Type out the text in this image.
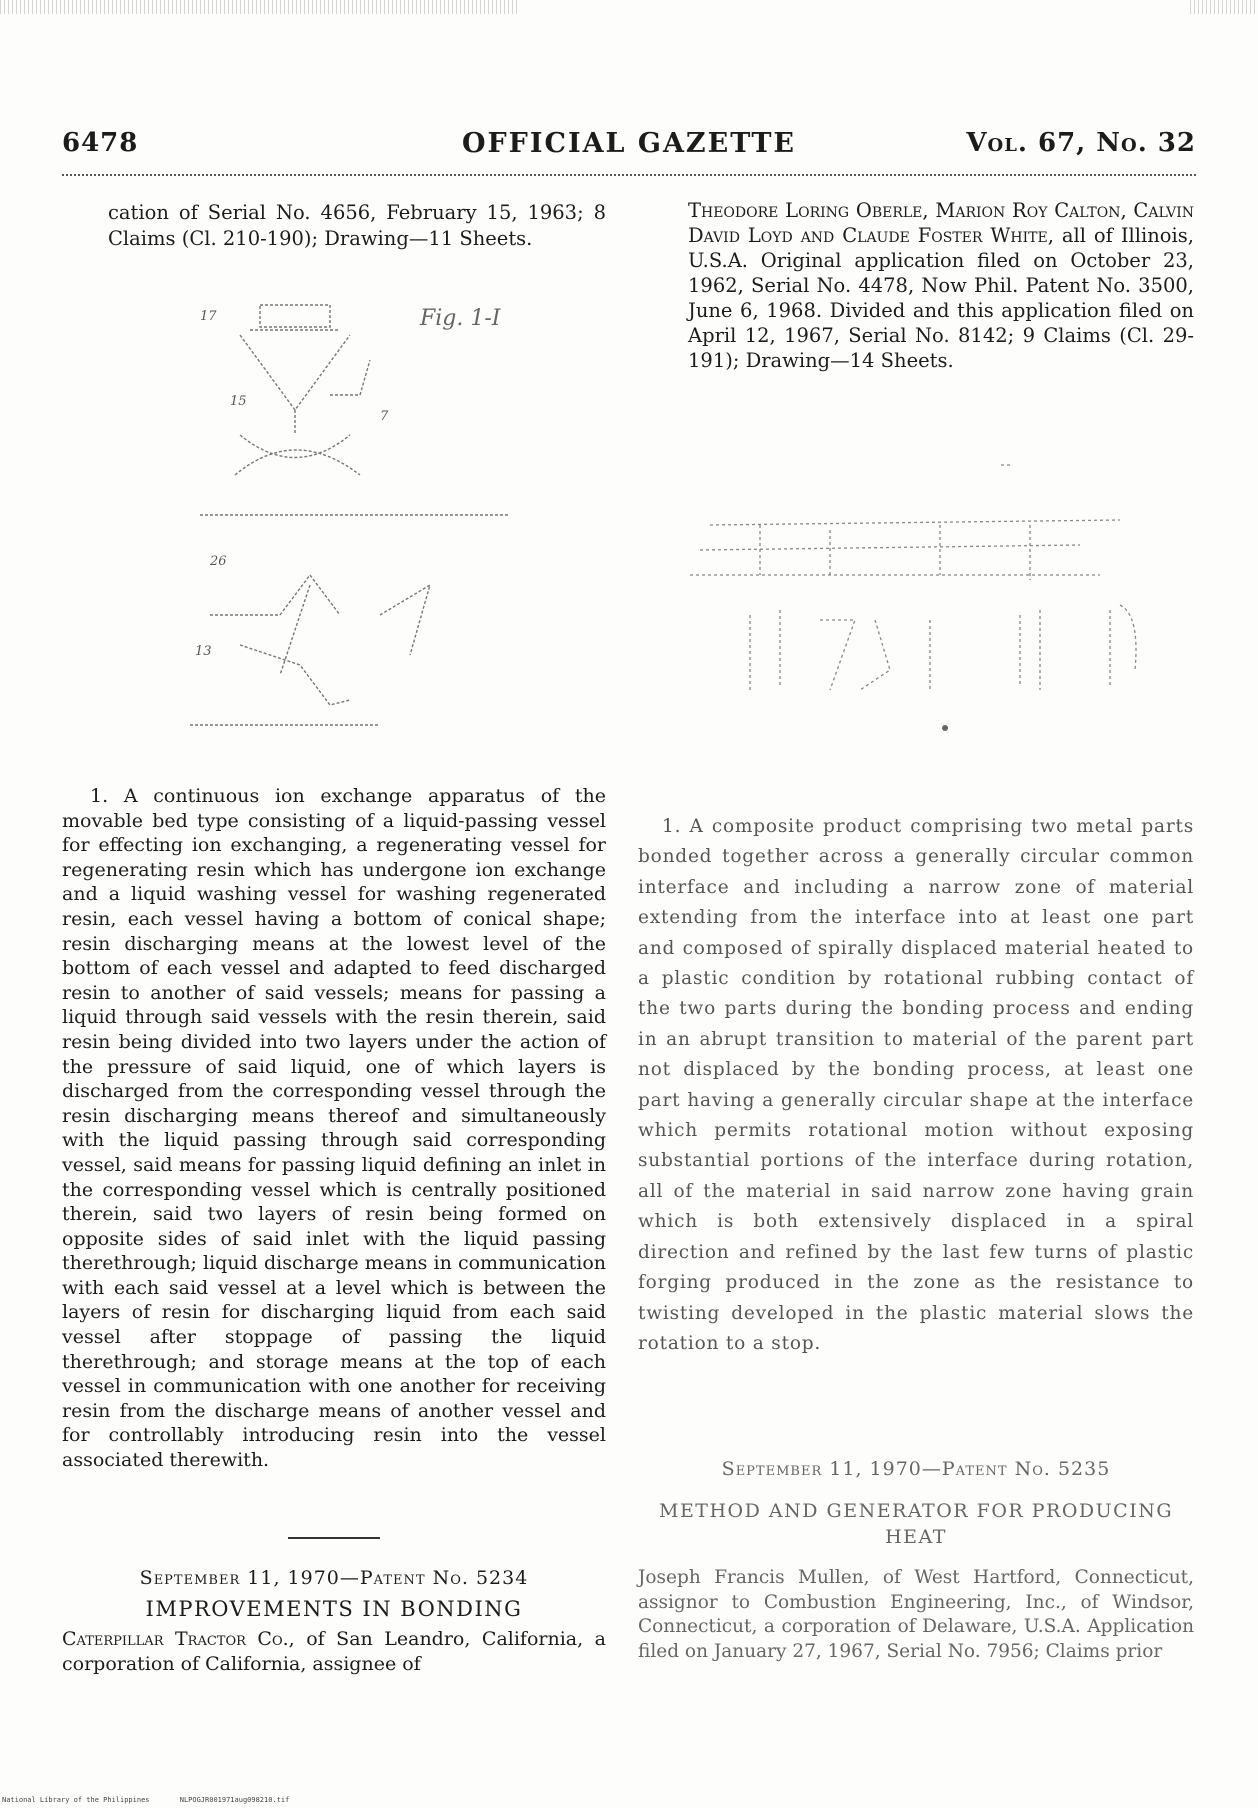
6478	OFFICIAL GAZETTE	Vol. 67, No. 32

cation of Serial No. 4656, February 15, 1963; 8 Claims (Cl. 210-190); Drawing—11 Sheets.

17
15
7
26
13
Fig. 1-I

1. A continuous ion exchange apparatus of the movable bed type consisting of a liquid-passing vessel for effecting ion exchanging, a regenerating vessel for regenerating resin which has undergone ion exchange and a liquid washing vessel for washing regenerated resin, each vessel having a bottom of conical shape; resin discharging means at the lowest level of the bottom of each vessel and adapted to feed discharged resin to another of said vessels; means for passing a liquid through said vessels with the resin therein, said resin being divided into two layers under the action of the pressure of said liquid, one of which layers is discharged from the corresponding vessel through the resin discharging means thereof and simultaneously with the liquid passing through said corresponding vessel, said means for passing liquid defining an inlet in the corresponding vessel which is centrally positioned therein, said two layers of resin being formed on opposite sides of said inlet with the liquid passing therethrough; liquid discharge means in communication with each said vessel at a level which is between the layers of resin for discharging liquid from each said vessel after stoppage of passing the liquid therethrough; and storage means at the top of each vessel in communication with one another for receiving resin from the discharge means of another vessel and for controllably introducing resin into the vessel associated therewith.

September 11, 1970—Patent No. 5234
IMPROVEMENTS IN BONDING

Caterpillar Tractor Co., of San Leandro, California, a corporation of California, assignee of

Theodore Loring Oberle, Marion Roy Calton, Calvin David Loyd and Claude Foster White, all of Illinois, U.S.A. Original application filed on October 23, 1962, Serial No. 4478, Now Phil. Patent No. 3500, June 6, 1968. Divided and this application filed on April 12, 1967, Serial No. 8142; 9 Claims (Cl. 29-191); Drawing—14 Sheets.

1. A composite product comprising two metal parts bonded together across a generally circular common interface and including a narrow zone of material extending from the interface into at least one part and composed of spirally displaced material heated to a plastic condition by rotational rubbing contact of the two parts during the bonding process and ending in an abrupt transition to material of the parent part not displaced by the bonding process, at least one part having a generally circular shape at the interface which permits rotational motion without exposing substantial portions of the interface during rotation, all of the material in said narrow zone having grain which is both extensively displaced in a spiral direction and refined by the last few turns of plastic forging produced in the zone as the resistance to twisting developed in the plastic material slows the rotation to a stop.

September 11, 1970—Patent No. 5235
METHOD AND GENERATOR FOR PRODUCING HEAT

Joseph Francis Mullen, of West Hartford, Connecticut, assignor to Combustion Engineering, Inc., of Windsor, Connecticut, a corporation of Delaware, U.S.A. Application filed on January 27, 1967, Serial No. 7956; Claims prior

National Library of the Philippines	NLPOGJR001971aug098210.tif
